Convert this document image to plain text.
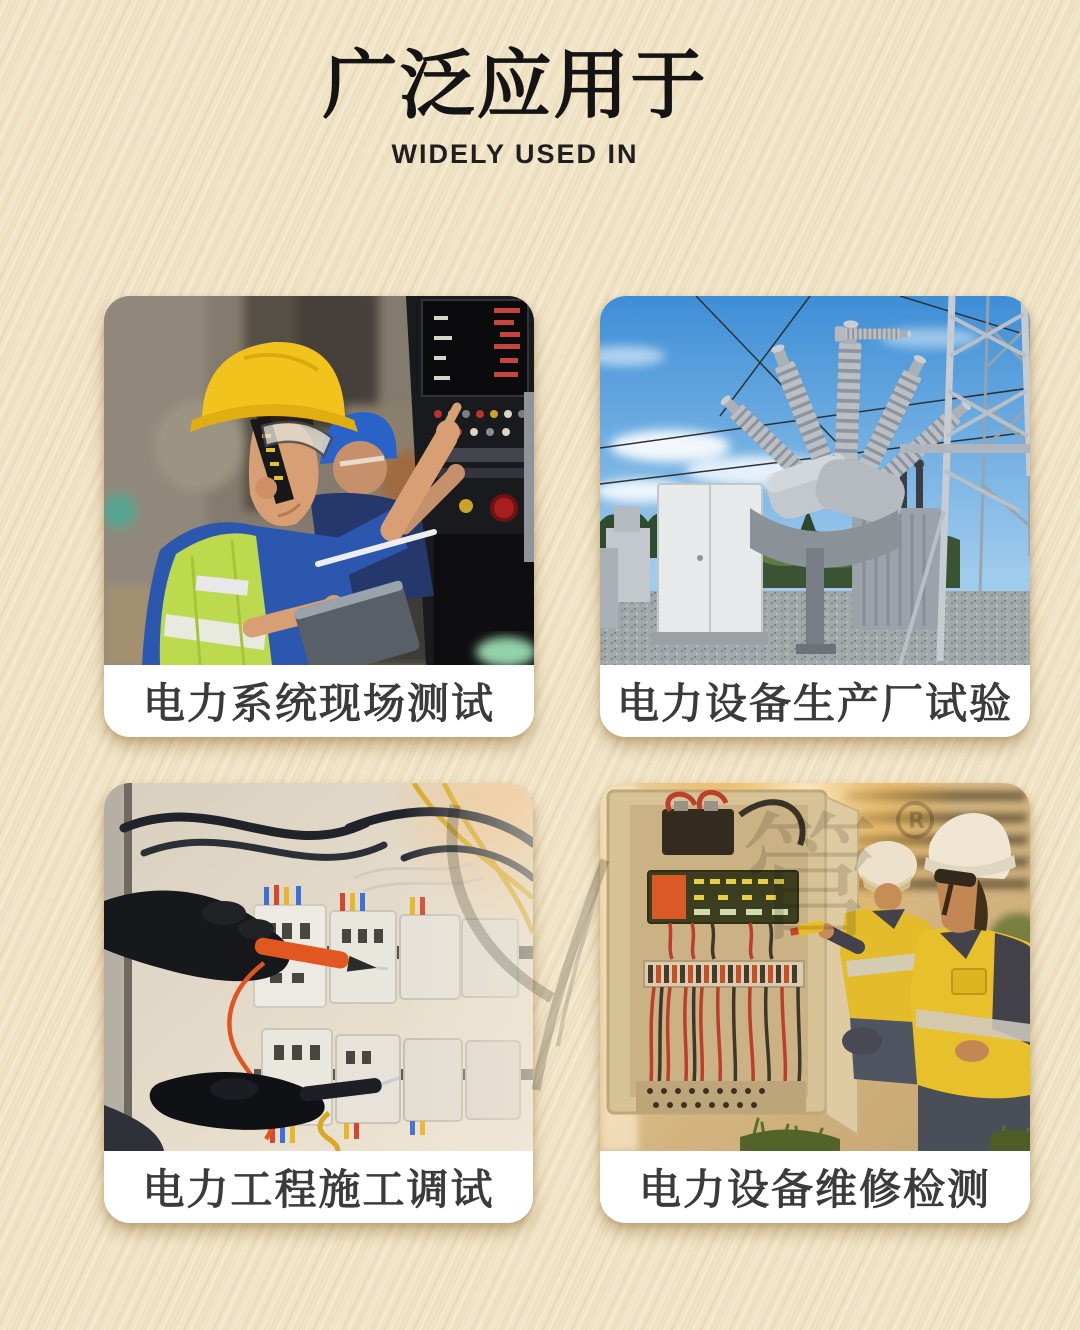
广泛应用于
WIDELY USED IN
电力系统现场测试	电力设备生产厂试验
电力工程施工调试	电力设备维修检测
管 R
